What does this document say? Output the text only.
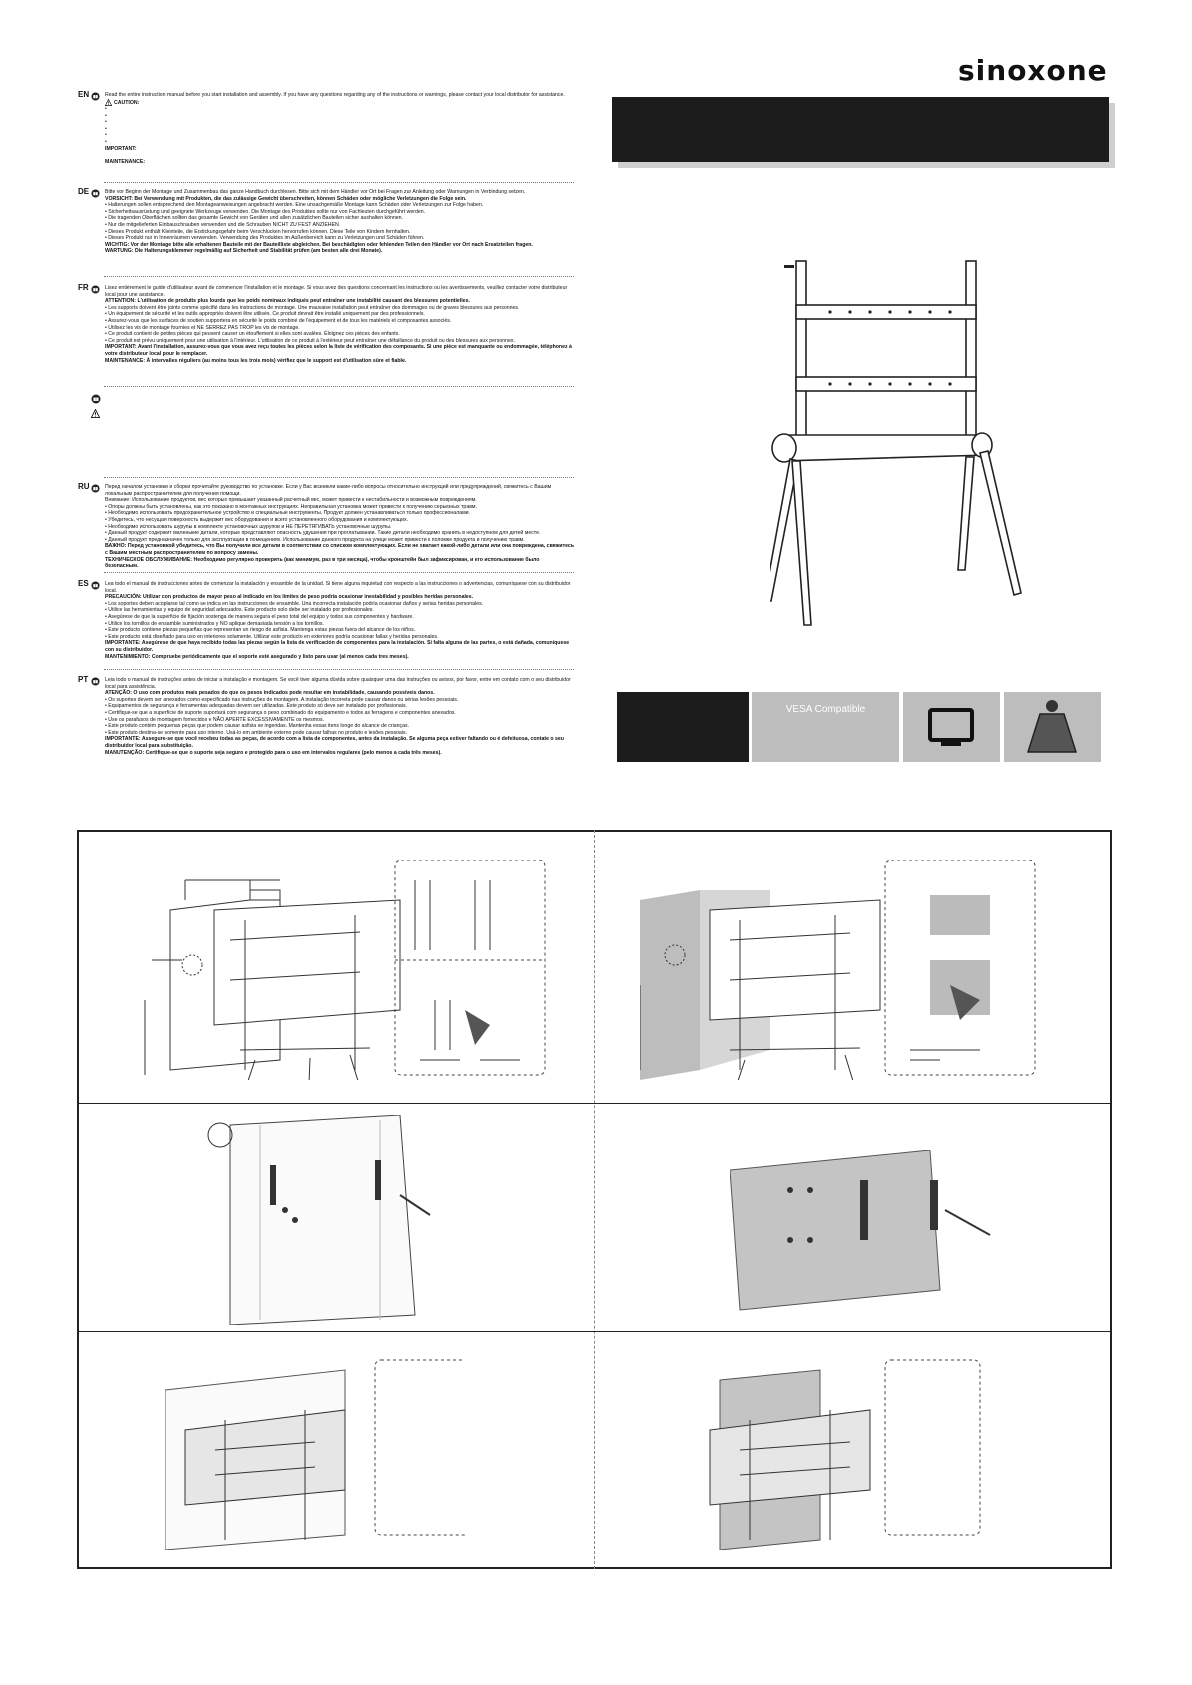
sinoxone
EN	Read the entire instruction manual before you start installation and assembly. If you have any questions regarding any of the instructions or warnings, please contact your local distributor for assistance.
CAUTION:
•
•
•
•
•
•
IMPORTANT:

MAINTENANCE:
DE	Bitte vor Beginn der Montage und Zusammenbau das ganze Handbuch durchlesen. Bitte sich mit dem Händler vor Ort bei Fragen zur Anleitung oder Warnungen in Verbindung setzen.
VORSICHT: Bei Verwendung mit Produkten, die das zulässige Gewicht überschreiten, können Schäden oder mögliche Verletzungen die Folge sein.
• Halterungen sollen entsprechend den Montageanweisungen angebracht werden. Eine unsachgemäße Montage kann Schäden oder Verletzungen zur Folge haben.
• Sicherheitsausrüstung und geeignete Werkzeuge verwenden. Die Montage des Produktes sollte nur von Fachleuten durchgeführt werden.
• Die tragenden Oberflächen sollten das gesamte Gewicht von Geräten und allen zusätzlichen Bauteilen sicher aushalten können.
• Nur die mitgelieferten Einbauschrauben verwenden und die Schrauben NICHT ZU FEST ANZIEHEN.
• Dieses Produkt enthält Kleinteile, die Erstickungsgefahr beim Verschlucken hervorrufen können. Diese Teile von Kindern fernhalten.
• Dieses Produkt nur in Innenräumen verwenden. Verwendung des Produktes im Außenbereich kann zu Verletzungen und Schäden führen.
WICHTIG: Vor der Montage bitte alle erhaltenen Bauteile mit der Bauteilliste abgleichen. Bei beschädigten oder fehlenden Teilen den Händler vor Ort nach Ersatzteilen fragen.
WARTUNG: Die Halterungsklemmer regelmäßig auf Sicherheit und Stabilität prüfen (am besten alle drei Monate).
FR	Lisez entièrement le guide d'utilisateur avant de commencer l'installation et le montage. Si vous avez des questions concernant les instructions ou les avertissements, veuillez contacter votre distributeur local pour une assistance.
ATTENTION: L'utilisation de produits plus lourds que les poids nominaux indiqués peut entraîner une instabilité causant des blessures potentielles.
• Les supports doivent être joints comme spécifié dans les instructions de montage. Une mauvaise installation peut entraîner des dommages ou de graves blessures aux personnes.
• Un équipement de sécurité et les outils appropriés doivent être utilisés. Ce produit devrait être installé uniquement par des professionnels.
• Assurez-vous que les surfaces de soutien supportera en sécurité le poids combiné de l'équipement et de tous les matériels et composantes associés.
• Utilisez les vis de montage fournies et NE SERREZ PAS TROP les vis de montage.
• Ce produit contient de petites pièces qui peuvent causer un étouffement si elles sont avalées. Éloignez ces pièces des enfants.
• Ce produit est prévu uniquement pour une utilisation à l'intérieur. L'utilisation de ce produit à l'extérieur peut entraîner une défaillance du produit ou des blessures aux personnes.
IMPORTANT: Avant l'installation, assurez-vous que vous avez reçu toutes les pièces selon la liste de vérification des composants. Si une pièce est manquante ou endommagée, téléphonez à votre distributeur local pour le remplacer.
MAINTENANCE: À intervalles réguliers (au moins tous les trois mois) vérifiez que le support est d'utilisation sûre et fiable.
RU	Перед началом установки и сборки прочитайте руководство по установке. Если у Вас возникли какие-либо вопросы относительно инструкций или предупреждений, свяжитесь с Вашим локальным распространителем для получения помощи.
Внимание: Использование продуктов, вес которых превышает указанный расчетный вес, может привести к нестабильности и возможным повреждениям.
• Опоры должны быть установлены, как это показано в монтажных инструкциях. Неправильная установка может привести к получению серьезных травм.
• Необходимо использовать предохранительное устройство и специальные инструменты. Продукт должен устанавливаться только профессионалами.
• Убедитесь, что несущая поверхность выдержит вес оборудования и всего установленного оборудования и комплектующих.
• Необходимо использовать шурупы в комплекте установочных шурупов и НЕ ПЕРЕТЯГИВАТЬ установочные шурупы.
• Данный продукт содержит маленькие детали, которые представляют опасность удушения при проглатывании. Такие детали необходимо хранить в недоступном для детей месте.
• Данный продукт предназначен только для эксплуатации в помещениях. Использование данного продукта на улице может привести к поломке продукта и получению травм.
ВАЖНО: Перед установкой убедитесь, что Вы получили все детали в соответствии со списком комплектующих. Если не хватает какой-либо детали или она повреждена, свяжитесь с Вашим местным распространителем по вопросу замены.
ТЕХНИЧЕСКОЕ ОБСЛУЖИВАНИЕ: Необходимо регулярно проверять (как минимум, раз в три месяца), чтобы кронштейн был зафиксирован, и его использование было безопасным.
ES	Lea todo el manual de instrucciones antes de comenzar la instalación y ensamble de la unidad. Si tiene alguna inquietud con respecto a las instrucciones o advertencias, comuníquese con su distribuidor local.
PRECAUCIÓN: Utilizar con productos de mayor peso al indicado en los límites de peso podría ocasionar inestabilidad y posibles heridas personales.
• Los soportes deben acoplarse tal como se indica en las instrucciones de ensamble. Una incorrecta instalación podría ocasionar daños y serias heridas personales.
• Utilice las herramientas y equipo de seguridad adecuados. Este producto solo debe ser instalado por profesionales.
• Asegúrese de que la superficie de fijación sostenga de manera segura el peso total del equipo y todos sus componentes y hardware.
• Utilice los tornillos de ensamble suministrados y NO aplique demasiada tensión a los tornillos.
• Este producto contiene piezas pequeñas que representan un riesgo de asfixia. Mantenga estas piezas fuera del alcance de los niños.
• Este producto está diseñado para uso en interiores solamente. Utilizar este producto en exteriores podría ocasionar fallas y heridas personales.
IMPORTANTE: Asegúrese de que haya recibido todas las piezas según la lista de verificación de componentes para la instalación. Si falta alguna de las partes, o está dañada, comuníquese con su distribuidor.
MANTENIMIENTO: Compruebe periódicamente que el soporte esté asegurado y listo para usar (al menos cada tres meses).
PT	Leia todo o manual de instruções antes de iniciar a instalação e montagem. Se você tiver alguma dúvida sobre quaisquer uma das instruções ou avisos, por favor, entre em contato com o seu distribuidor local para assistência.
ATENÇÃO: O uso com produtos mais pesados do que os pesos indicados pode resultar em instabilidade, causando possíveis danos.
• Os suportes devem ser anexados como especificado nas instruções de montagem. A instalação incorreta pode causar danos ou sérias lesões pessoais.
• Equipamentos de segurança e ferramentas adequadas devem ser utilizadas. Este produto só deve ser instalado por profissionais.
• Certifique-se que a superfície de suporte suportará com segurança o peso combinado do equipamento e todos as ferragens e componentes anexados.
• Use os parafusos de montagem fornecidos e NÃO APERTE EXCESSIVAMENTE os mesmos.
• Este produto contém pequenas peças que podem causar asfixia se ingeridas. Mantenha essas itens longe do alcance de crianças.
• Este produto destina-se somente para uso interno. Usá-lo em ambiente externo pode causar falhas no produto e lesões pessoais.
IMPORTANTE: Assegure-se que você recebeu todas as peças, de acordo com a lista de componentes, antes da instalação. Se alguma peça estiver faltando ou é defeituosa, contate o seu distribuidor local para substituição.
MANUTENÇÃO: Certifique-se que o suporte seja seguro e protegido para o uso em intervalos regulares (pelo menos a cada três meses).
VESA Compatible
